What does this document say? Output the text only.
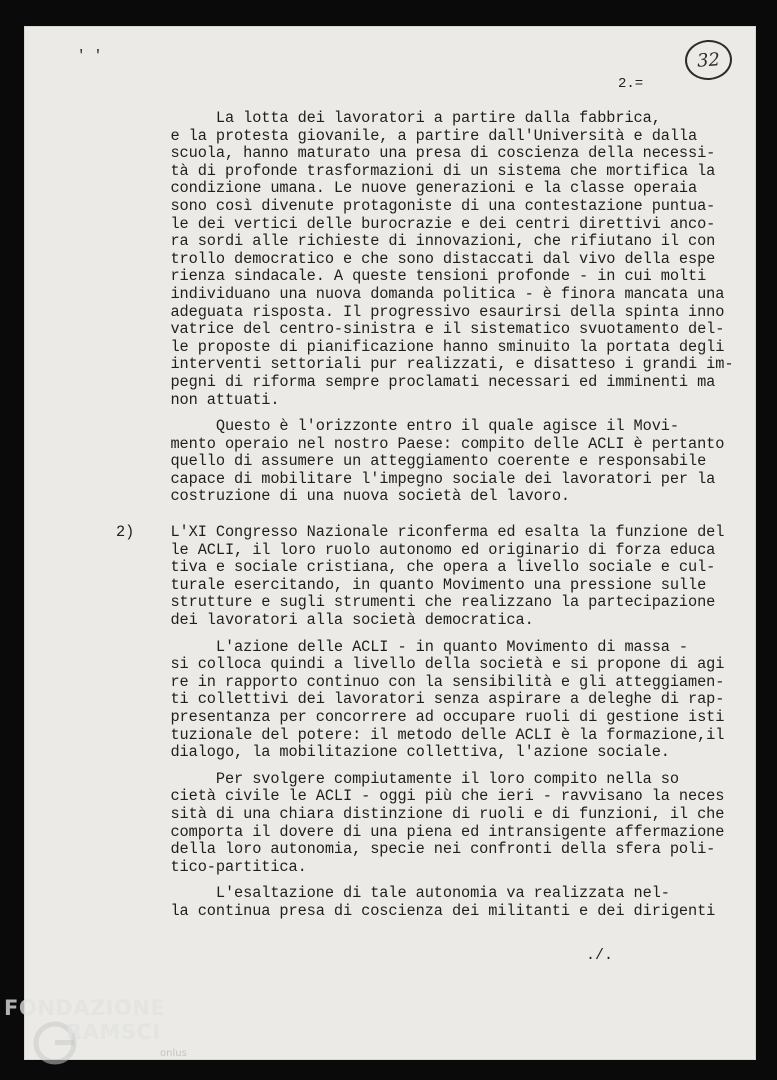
' '
2.=
32
La lotta dei lavoratori a partire dalla fabbrica,
e la protesta giovanile, a partire dall'Università e dalla
scuola, hanno maturato una presa di coscienza della necessi-
tà di profonde trasformazioni di un sistema che mortifica la
condizione umana. Le nuove generazioni e la classe operaia
sono così divenute protagoniste di una contestazione puntua-
le dei vertici delle burocrazie e dei centri direttivi anco-
ra sordi alle richieste di innovazioni, che rifiutano il con
trollo democratico e che sono distaccati dal vivo della espe
rienza sindacale. A queste tensioni profonde - in cui molti
individuano una nuova domanda politica - è finora mancata una
adeguata risposta. Il progressivo esaurirsi della spinta inno
vatrice del centro-sinistra e il sistematico svuotamento del-
le proposte di pianificazione hanno sminuito la portata degli
interventi settoriali pur realizzati, e disatteso i grandi im-
pegni di riforma sempre proclamati necessari ed imminenti ma
non attuati.
Questo è l'orizzonte entro il quale agisce il Movi-
mento operaio nel nostro Paese: compito delle ACLI è pertanto
quello di assumere un atteggiamento coerente e responsabile
capace di mobilitare l'impegno sociale dei lavoratori per la
costruzione di una nuova società del lavoro.
2)    L'XI Congresso Nazionale riconferma ed esalta la funzione del
le ACLI, il loro ruolo autonomo ed originario di forza educa
tiva e sociale cristiana, che opera a livello sociale e cul-
turale esercitando, in quanto Movimento una pressione sulle
strutture e sugli strumenti che realizzano la partecipazione
dei lavoratori alla società democratica.
L'azione delle ACLI - in quanto Movimento di massa -
si colloca quindi a livello della società e si propone di agi
re in rapporto continuo con la sensibilità e gli atteggiamen-
ti collettivi dei lavoratori senza aspirare a deleghe di rap-
presentanza per concorrere ad occupare ruoli di gestione isti
tuzionale del potere: il metodo delle ACLI è la formazione,il
dialogo, la mobilitazione collettiva, l'azione sociale.
Per svolgere compiutamente il loro compito nella so
cietà civile le ACLI - oggi più che ieri - ravvisano la neces
sità di una chiara distinzione di ruoli e di funzioni, il che
comporta il dovere di una piena ed intransigente affermazione
della loro autonomia, specie nei confronti della sfera poli-
tico-partitica.
L'esaltazione di tale autonomia va realizzata nel-
la continua presa di coscienza dei militanti e dei dirigenti
./.
FONDAZIONE
RAMSCI
onlus
